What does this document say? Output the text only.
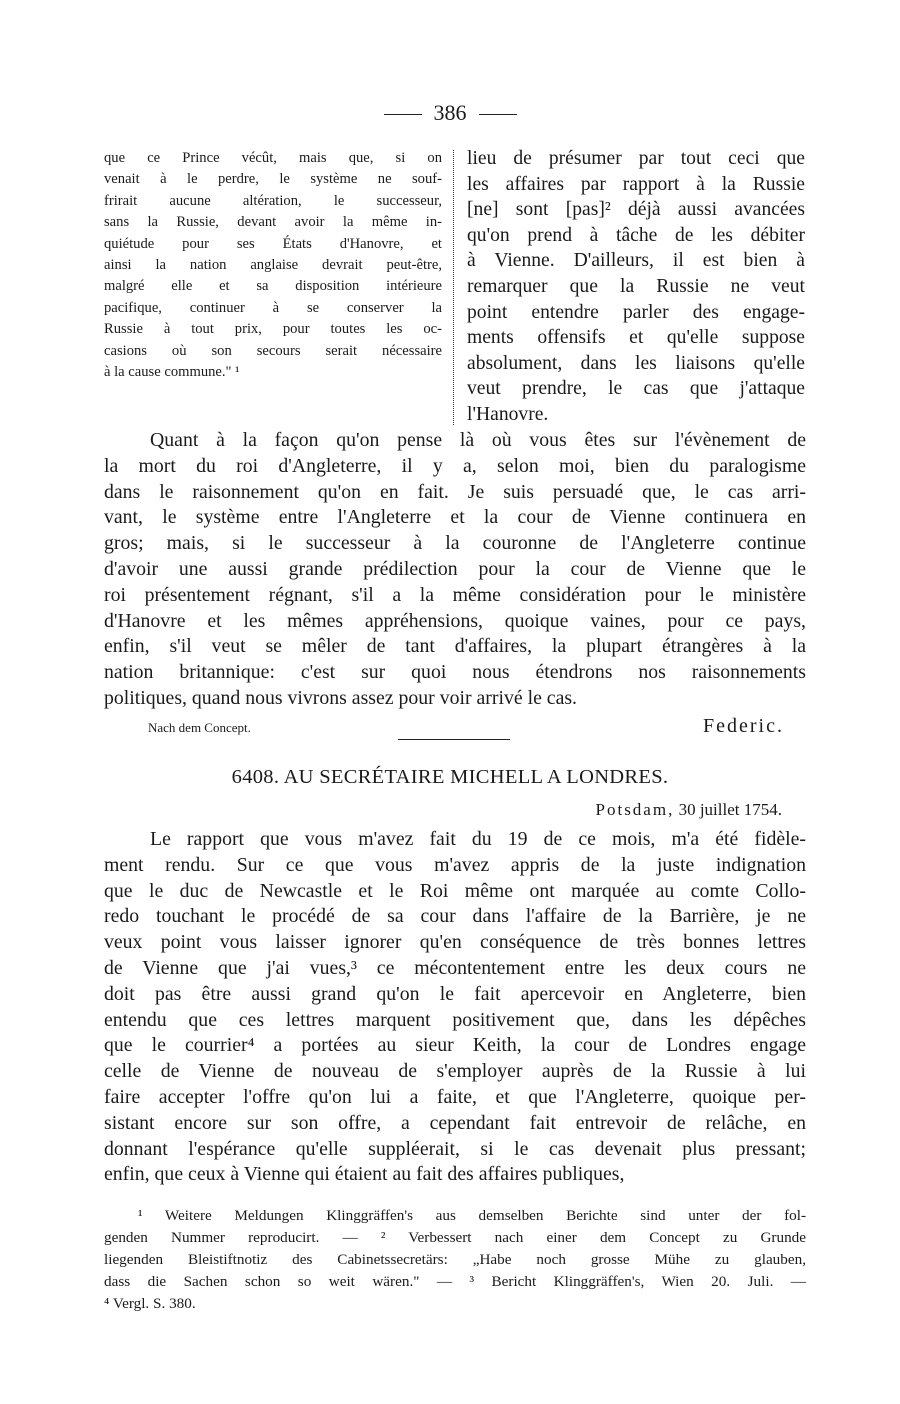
386
que ce Prince vécût, mais que, si on
venait à le perdre, le système ne souf-
frirait aucune altération, le successeur,
sans la Russie, devant avoir la même in-
quiétude pour ses États d'Hanovre, et
ainsi la nation anglaise devrait peut-être,
malgré elle et sa disposition intérieure
pacifique, continuer à se conserver la
Russie à tout prix, pour toutes les oc-
casions où son secours serait nécessaire
à la cause commune." ¹
lieu de présumer par tout ceci que
les affaires par rapport à la Russie
[ne] sont [pas]² déjà aussi avancées
qu'on prend à tâche de les débiter
à Vienne. D'ailleurs, il est bien à
remarquer que la Russie ne veut
point entendre parler des engage-
ments offensifs et qu'elle suppose
absolument, dans les liaisons qu'elle
veut prendre, le cas que j'attaque
l'Hanovre.
Quant à la façon qu'on pense là où vous êtes sur l'évènement de
la mort du roi d'Angleterre, il y a, selon moi, bien du paralogisme
dans le raisonnement qu'on en fait. Je suis persuadé que, le cas arri-
vant, le système entre l'Angleterre et la cour de Vienne continuera en
gros; mais, si le successeur à la couronne de l'Angleterre continue
d'avoir une aussi grande prédilection pour la cour de Vienne que le
roi présentement régnant, s'il a la même considération pour le ministère
d'Hanovre et les mêmes appréhensions, quoique vaines, pour ce pays,
enfin, s'il veut se mêler de tant d'affaires, la plupart étrangères à la
nation britannique: c'est sur quoi nous étendrons nos raisonnements
politiques, quand nous vivrons assez pour voir arrivé le cas.
Nach dem Concept.	Federic.
6408. AU SECRÉTAIRE MICHELL A LONDRES.
Potsdam, 30 juillet 1754.
Le rapport que vous m'avez fait du 19 de ce mois, m'a été fidèle-
ment rendu. Sur ce que vous m'avez appris de la juste indignation
que le duc de Newcastle et le Roi même ont marquée au comte Collo-
redo touchant le procédé de sa cour dans l'affaire de la Barrière, je ne
veux point vous laisser ignorer qu'en conséquence de très bonnes lettres
de Vienne que j'ai vues,³ ce mécontentement entre les deux cours ne
doit pas être aussi grand qu'on le fait apercevoir en Angleterre, bien
entendu que ces lettres marquent positivement que, dans les dépêches
que le courrier⁴ a portées au sieur Keith, la cour de Londres engage
celle de Vienne de nouveau de s'employer auprès de la Russie à lui
faire accepter l'offre qu'on lui a faite, et que l'Angleterre, quoique per-
sistant encore sur son offre, a cependant fait entrevoir de relâche, en
donnant l'espérance qu'elle suppléerait, si le cas devenait plus pressant;
enfin, que ceux à Vienne qui étaient au fait des affaires publiques,
¹ Weitere Meldungen Klinggräffen's aus demselben Berichte sind unter der fol-
genden Nummer reproducirt. — ² Verbessert nach einer dem Concept zu Grunde
liegenden Bleistiftnotiz des Cabinetssecretärs: „Habe noch grosse Mühe zu glauben,
dass die Sachen schon so weit wären." — ³ Bericht Klinggräffen's, Wien 20. Juli. —
⁴ Vergl. S. 380.
